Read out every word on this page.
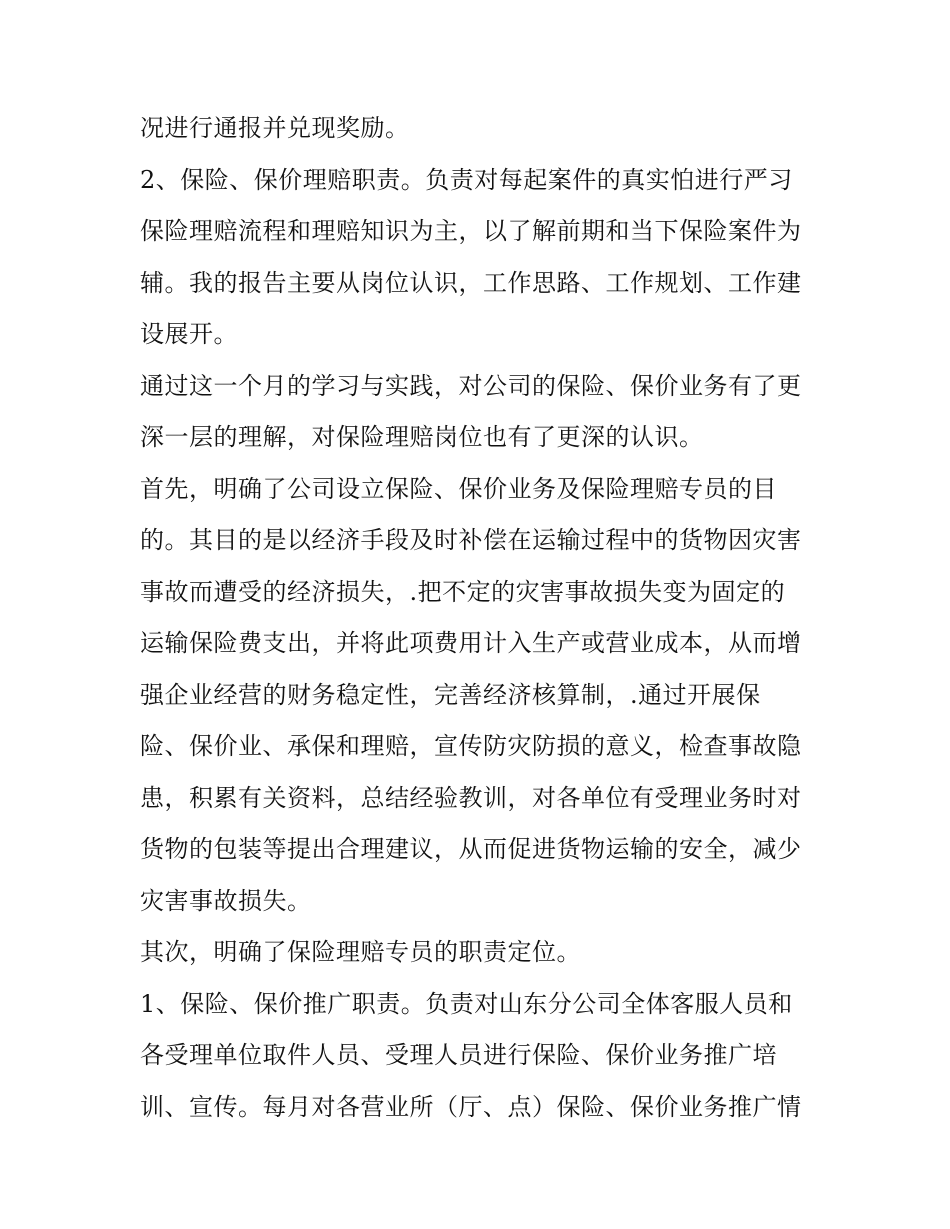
况进行通报并兑现奖励。
2、保险、保价理赔职责。负责对每起案件的真实怕进行严习
保险理赔流程和理赔知识为主，以了解前期和当下保险案件为
辅。我的报告主要从岗位认识，工作思路、工作规划、工作建
设展开。
通过这一个月的学习与实践，对公司的保险、保价业务有了更
深一层的理解，对保险理赔岗位也有了更深的认识。
首先，明确了公司设立保险、保价业务及保险理赔专员的目
的。其目的是以经济手段及时补偿在运输过程中的货物因灾害
事故而遭受的经济损失，.把不定的灾害事故损失变为固定的
运输保险费支出，并将此项费用计入生产或营业成本，从而增
强企业经营的财务稳定性，完善经济核算制，.通过开展保
险、保价业、承保和理赔，宣传防灾防损的意义，检查事故隐
患，积累有关资料，总结经验教训，对各单位有受理业务时对
货物的包装等提出合理建议，从而促进货物运输的安全，减少
灾害事故损失。
其次，明确了保险理赔专员的职责定位。
1、保险、保价推广职责。负责对山东分公司全体客服人员和
各受理单位取件人员、受理人员进行保险、保价业务推广培
训、宣传。每月对各营业所（厅、点）保险、保价业务推广情
